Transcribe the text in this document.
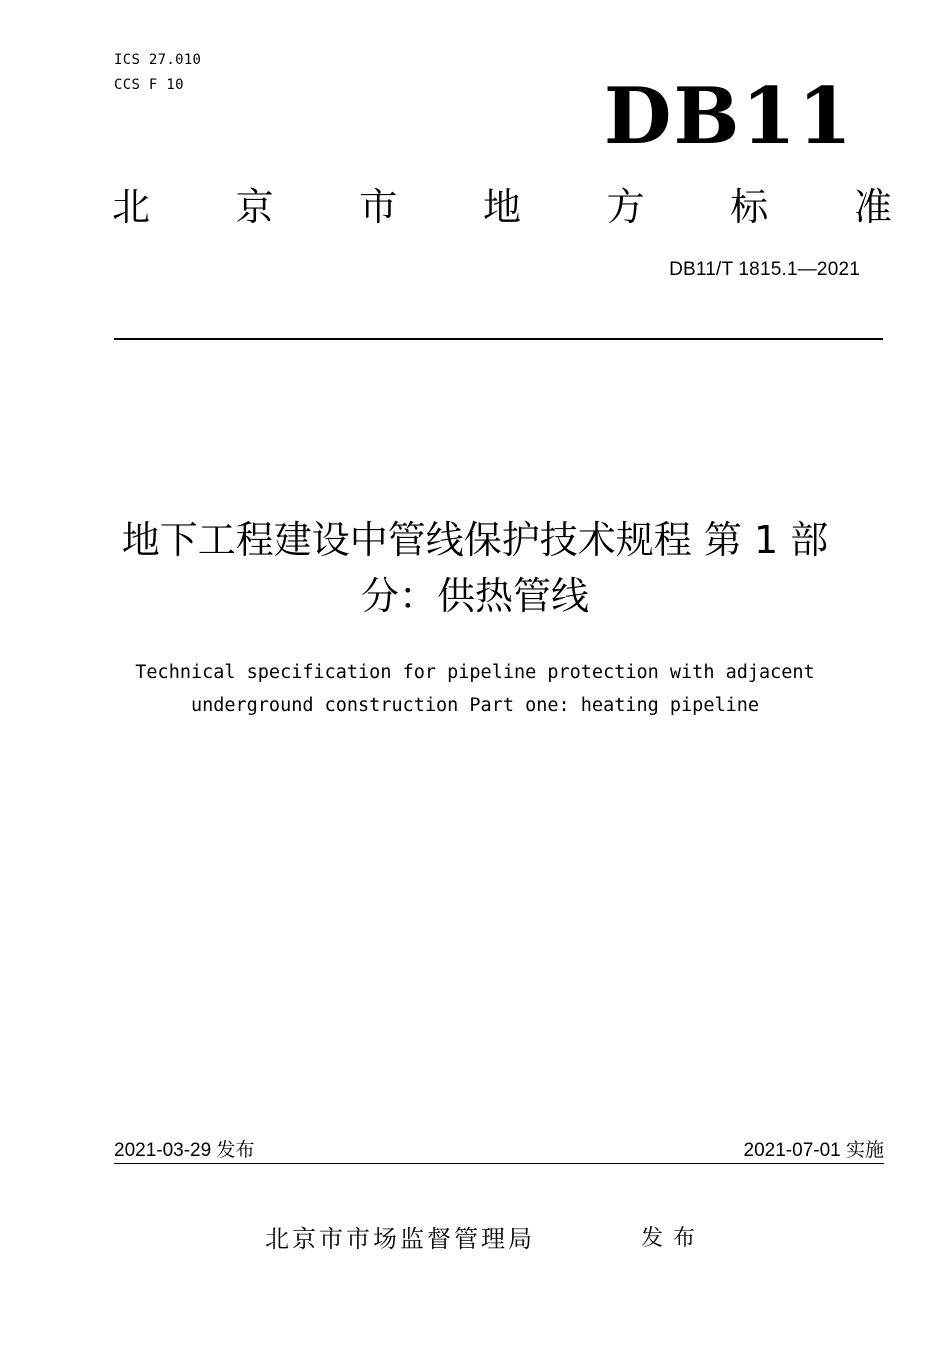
ICS 27.010
CCS F 10	DB11
北 京 市 地 方 标 准
DB11/T 1815.1—2021
地下工程建设中管线保护技术规程 第 1 部
分：供热管线
Technical specification for pipeline protection with adjacent
underground construction Part one: heating pipeline
2021-03-29 发布	2021-07-01 实施
北京市市场监督管理局	发布
